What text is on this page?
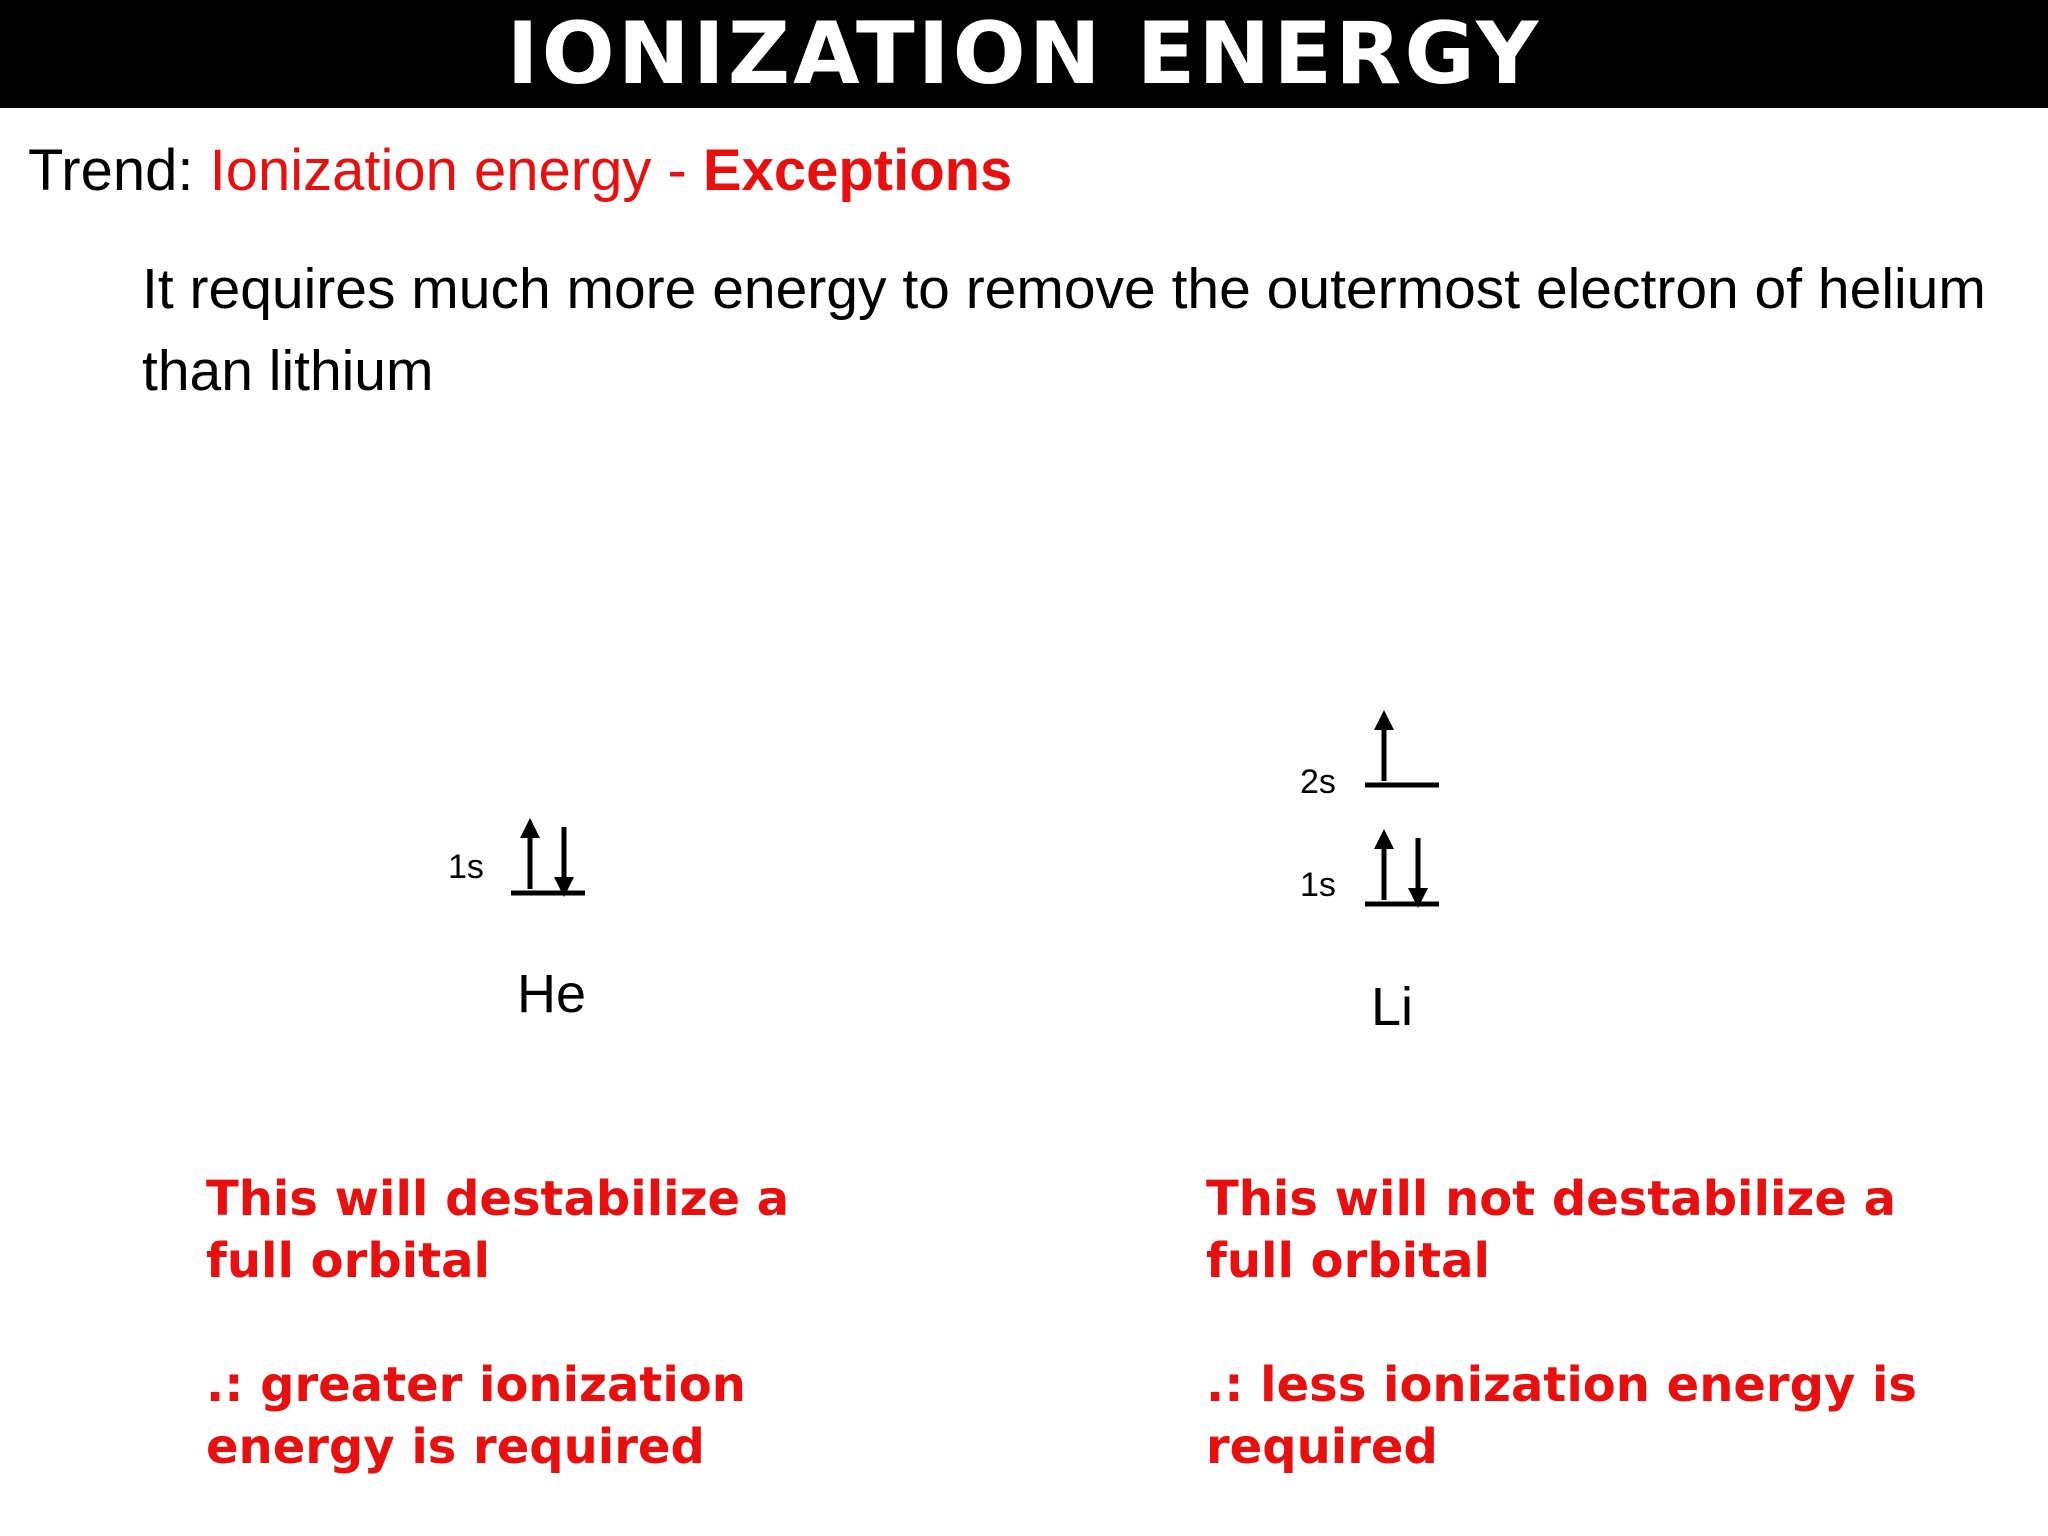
IONIZATION ENERGY
Trend: Ionization energy - Exceptions
It requires much more energy to remove the outermost electron of helium than lithium
1s
He
2s
1s
Li

This will destabilize a full orbital

.: greater ionization energy is required

This will not destabilize a full orbital

.: less ionization energy is required
